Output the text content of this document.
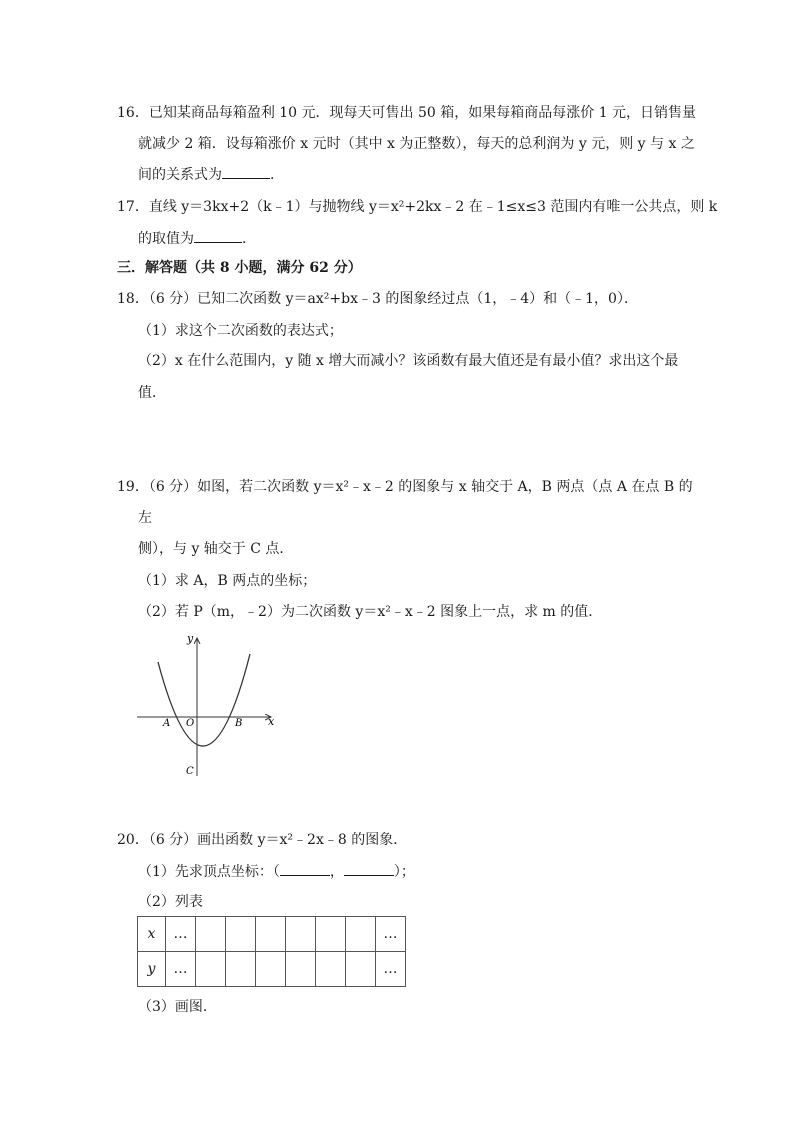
16．已知某商品每箱盈利 10 元．现每天可售出 50 箱，如果每箱商品每涨价 1 元，日销售量
就减少 2 箱．设每箱涨价 x 元时（其中 x 为正整数），每天的总利润为 y 元，则 y 与 x 之
间的关系式为	．
17．直线 y＝3kx+2（k﹣1）与抛物线 y＝x²+2kx﹣2 在﹣1≤x≤3 范围内有唯一公共点，则 k
的取值为	．
三．解答题（共 8 小题，满分 62 分）
18．（6 分）已知二次函数 y＝ax²+bx﹣3 的图象经过点（1，﹣4）和（﹣1，0）．
（1）求这个二次函数的表达式；
（2）x 在什么范围内，y 随 x 增大而减小？该函数有最大值还是有最小值？求出这个最
值．
19．（6 分）如图，若二次函数 y＝x²﹣x﹣2 的图象与 x 轴交于 A，B 两点（点 A 在点 B 的
左
侧），与 y 轴交于 C 点．
（1）求 A，B 两点的坐标；
（2）若 P（m，﹣2）为二次函数 y＝x²﹣x﹣2 图象上一点，求 m 的值．
y
x
A O	B
C
20．（6 分）画出函数 y＝x²﹣2x﹣8 的图象．
（1）先求顶点坐标：（	，	）；
（2）列表
x	…							…
y	…							…
（3）画图．
